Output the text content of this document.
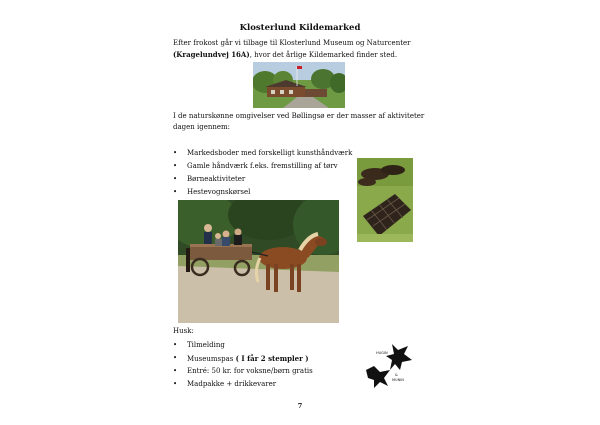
Klosterlund Kildemarked
Efter frokost går vi tilbage til Klosterlund Museum og Naturcenter
(Kragelundvej 16A), hvor det årlige Kildemarked finder sted.
I de naturskønne omgivelser ved Bøllingsø er der masser af aktiviteter
dagen igennem:
• Markedsboder med forskelligt kunsthåndværk
• Gamle håndværk f.eks. fremstilling af tørv
• Børneaktiviteter
• Hestevognskørsel
Husk:
• Tilmelding
• Museumspas ( I får 2 stempler )
• Entré: 50 kr. for voksne/børn gratis
• Madpakke + drikkevarer
HUGIN
&
MUNIN
7
